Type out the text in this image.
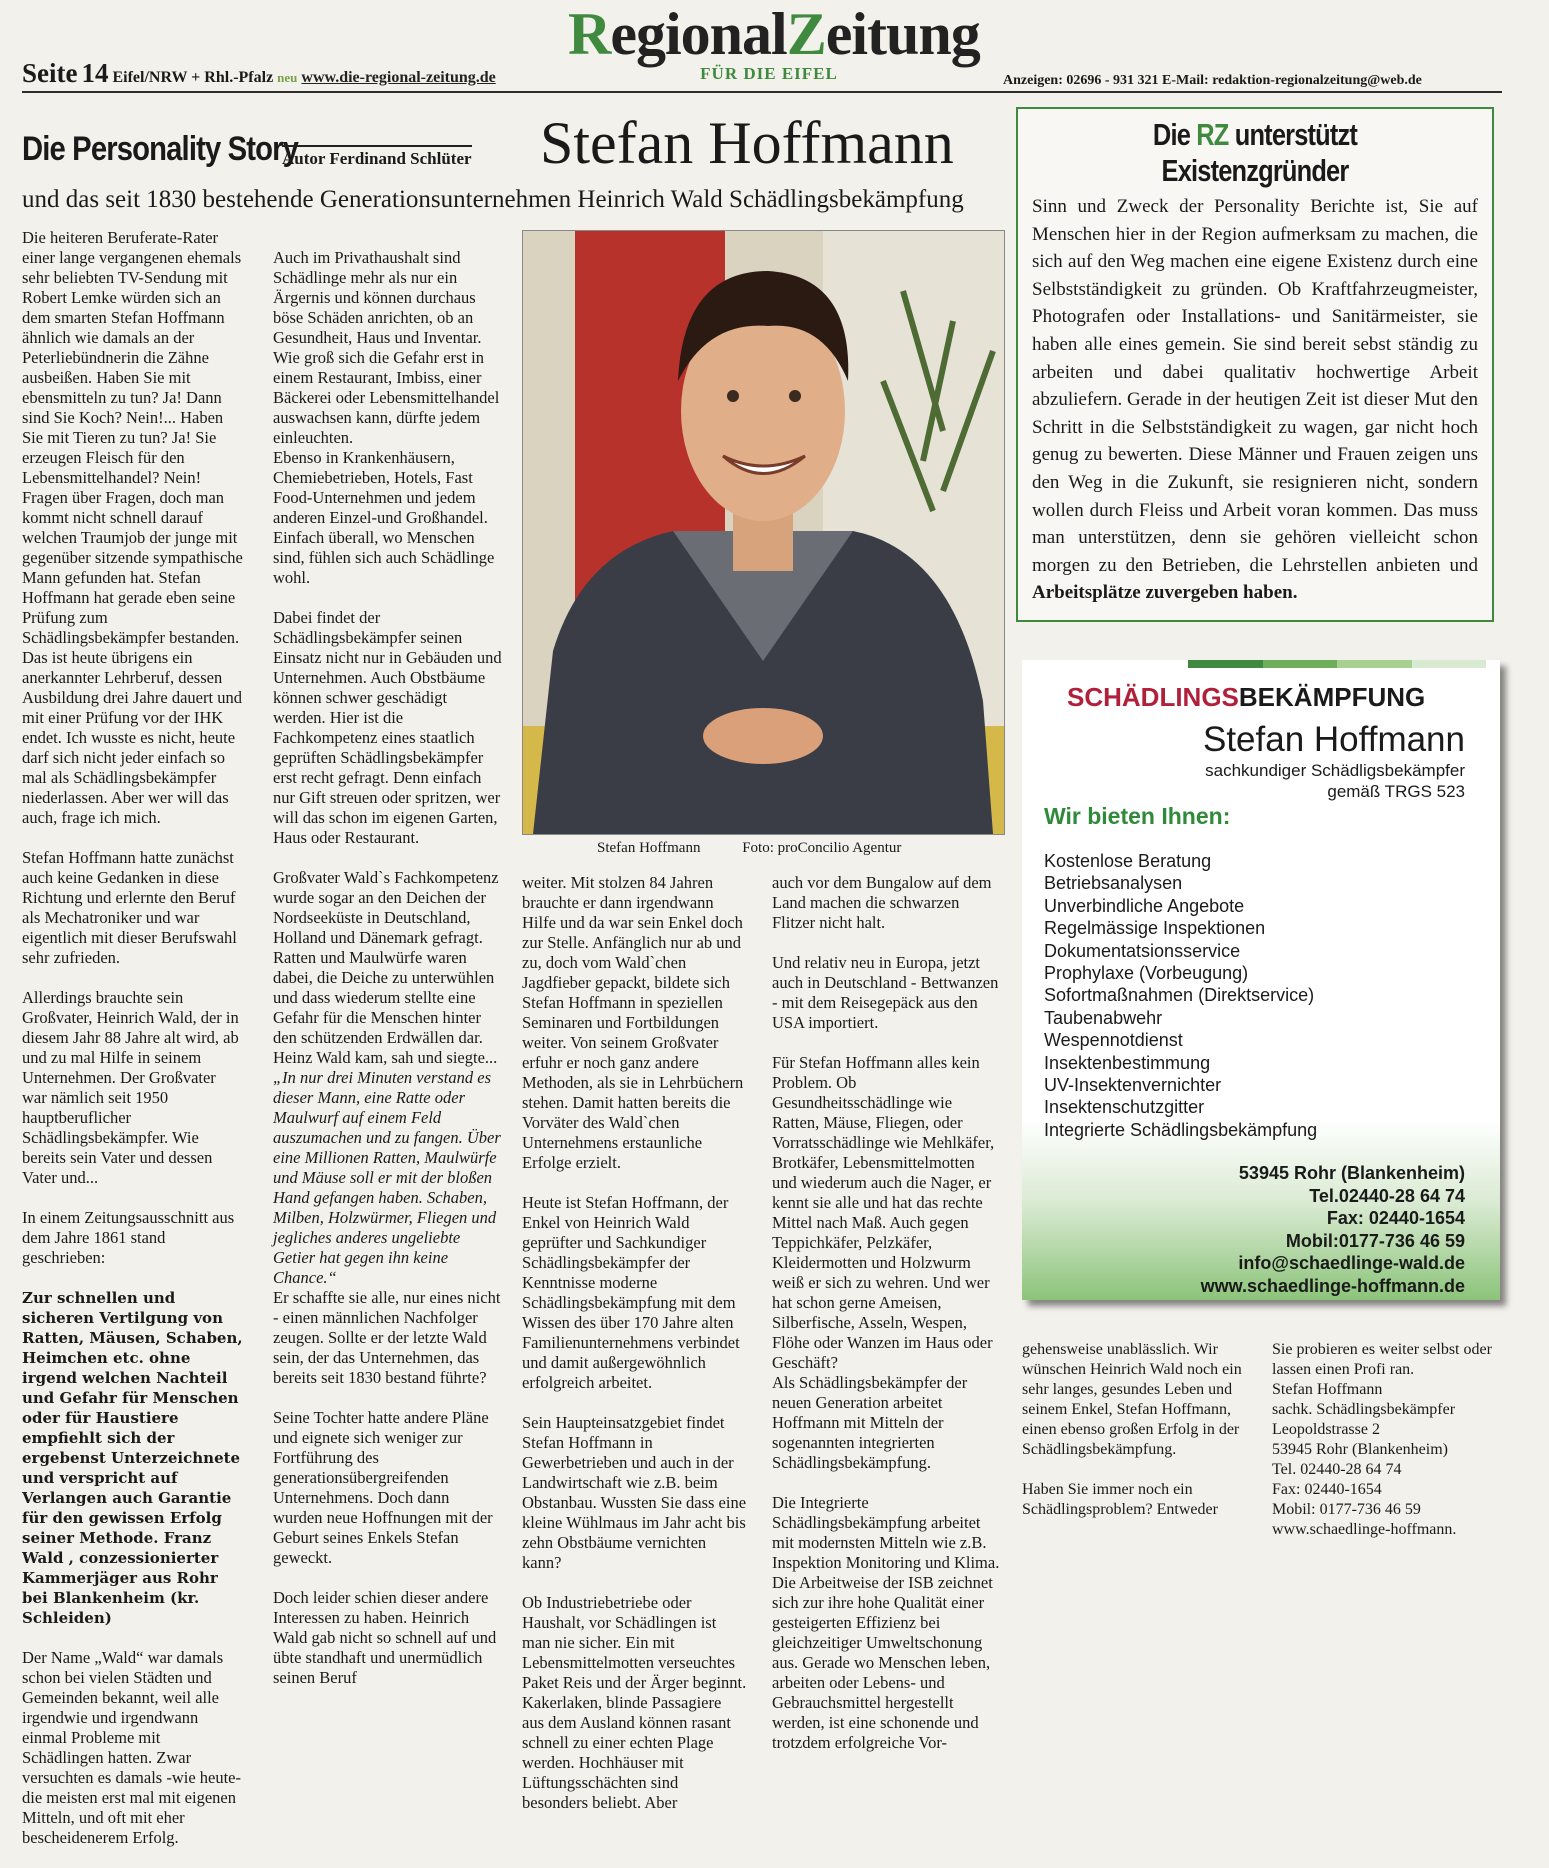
Seite 14 Eifel/NRW + Rhl.-Pfalz neu www.die-regional-zeitung.de
RegionalZeitung
FÜR DIE EIFEL	Anzeigen: 02696 - 931 321 E-Mail: redaktion-regionalzeitung@web.de
Die Personality Story
Autor Ferdinand Schlüter Stefan Hoffmann
und das seit 1830 bestehende Generationsunternehmen Heinrich Wald Schädlingsbekämpfung

Die heiteren Beruferate-Rater einer lange vergangenen ehemals sehr beliebten TV-Sendung mit Robert Lemke würden sich an dem smarten Stefan Hoffmann ähnlich wie damals an der Peterliebündnerin die Zähne ausbeißen. Haben Sie mit ebensmitteln zu tun? Ja! Dann sind Sie Koch? Nein!... Haben Sie mit Tieren zu tun? Ja! Sie erzeugen Fleisch für den Lebensmittelhandel? Nein! Fragen über Fragen, doch man kommt nicht schnell darauf welchen Traumjob der junge mit gegenüber sitzende sympathische Mann gefunden hat. Stefan Hoffmann hat gerade eben seine Prüfung zum Schädlingsbekämpfer bestanden.

Das ist heute übrigens ein anerkannter Lehrberuf, dessen Ausbildung drei Jahre dauert und mit einer Prüfung vor der IHK endet. Ich wusste es nicht, heute darf sich nicht jeder einfach so mal als Schädlingsbekämpfer niederlassen. Aber wer will das auch, frage ich mich.

Stefan Hoffmann hatte zunächst auch keine Gedanken in diese Richtung und erlernte den Beruf als Mechatroniker und war eigentlich mit dieser Berufswahl sehr zufrieden.

Allerdings brauchte sein Großvater, Heinrich Wald, der in diesem Jahr 88 Jahre alt wird, ab und zu mal Hilfe in seinem Unternehmen. Der Großvater war nämlich seit 1950 hauptberuflicher Schädlingsbekämpfer. Wie bereits sein Vater und dessen Vater und...

In einem Zeitungsausschnitt aus dem Jahre 1861 stand geschrieben:

Zur schnellen und sicheren Vertilgung von Ratten, Mäusen, Schaben, Heimchen etc. ohne irgend welchen Nachteil und Gefahr für Menschen oder für Haustiere empfiehlt sich der ergebenst Unterzeichnete und verspricht auf Verlangen auch Garantie für den gewissen Erfolg seiner Methode. Franz Wald , conzessionierter Kammerjäger aus Rohr bei Blankenheim (kr. Schleiden)

Der Name „Wald“ war damals schon bei vielen Städten und Gemeinden bekannt, weil alle irgendwie und irgendwann einmal Probleme mit Schädlingen hatten. Zwar versuchten es damals -wie heute- die meisten erst mal mit eigenen Mitteln, und oft mit eher bescheidenerem Erfolg.

Auch im Privathaushalt sind Schädlinge mehr als nur ein Ärgernis und können durchaus böse Schäden anrichten, ob an Gesundheit, Haus und Inventar.

Wie groß sich die Gefahr erst in einem Restaurant, Imbiss, einer Bäckerei oder Lebensmittelhandel auswachsen kann, dürfte jedem einleuchten.

Ebenso in Krankenhäusern, Chemiebetrieben, Hotels, Fast Food-Unternehmen und jedem anderen Einzel-und Großhandel. Einfach überall, wo Menschen sind, fühlen sich auch Schädlinge wohl.

Dabei findet der Schädlingsbekämpfer seinen Einsatz nicht nur in Gebäuden und Unternehmen. Auch Obstbäume können schwer geschädigt werden. Hier ist die Fachkompetenz eines staatlich geprüften Schädlingsbekämpfer erst recht gefragt. Denn einfach nur Gift streuen oder spritzen, wer will das schon im eigenen Garten, Haus oder Restaurant.

Großvater Wald`s Fachkompetenz wurde sogar an den Deichen der Nordseeküste in Deutschland, Holland und Dänemark gefragt. Ratten und Maulwürfe waren dabei, die Deiche zu unterwühlen und dass wiederum stellte eine Gefahr für die Menschen hinter den schützenden Erdwällen dar. Heinz Wald kam, sah und siegte...

„In nur drei Minuten verstand es dieser Mann, eine Ratte oder Maulwurf auf einem Feld auszumachen und zu fangen. Über eine Millionen Ratten, Maulwürfe und Mäuse soll er mit der bloßen Hand gefangen haben. Schaben, Milben, Holzwürmer, Fliegen und jegliches anderes ungeliebte Getier hat gegen ihn keine Chance.“

Er schaffte sie alle, nur eines nicht - einen männlichen Nachfolger zeugen. Sollte er der letzte Wald sein, der das Unternehmen, das bereits seit 1830 bestand führte?

Seine Tochter hatte andere Pläne und eignete sich weniger zur Fortführung des generationsübergreifenden Unternehmens. Doch dann wurden neue Hoffnungen mit der Geburt seines Enkels Stefan geweckt.

Doch leider schien dieser andere Interessen zu haben. Heinrich Wald gab nicht so schnell auf und übte standhaft und unermüdlich seinen Beruf

Stefan Hoffmann	Foto: proConcilio Agentur

weiter. Mit stolzen 84 Jahren brauchte er dann irgendwann Hilfe und da war sein Enkel doch zur Stelle. Anfänglich nur ab und zu, doch vom Wald`chen Jagdfieber gepackt, bildete sich Stefan Hoffmann in speziellen Seminaren und Fortbildungen weiter. Von seinem Großvater erfuhr er noch ganz andere Methoden, als sie in Lehrbüchern stehen. Damit hatten bereits die Vorväter des Wald`chen Unternehmens erstaunliche Erfolge erzielt.

Heute ist Stefan Hoffmann, der Enkel von Heinrich Wald geprüfter und Sachkundiger Schädlingsbekämpfer der Kenntnisse moderne Schädlingsbekämpfung mit dem Wissen des über 170 Jahre alten Familienunternehmens verbindet und damit außergewöhnlich erfolgreich arbeitet.

Sein Haupteinsatzgebiet findet Stefan Hoffmann in Gewerbetrieben und auch in der Landwirtschaft wie z.B. beim Obstanbau. Wussten Sie dass eine kleine Wühlmaus im Jahr acht bis zehn Obstbäume vernichten kann?

Ob Industriebetriebe oder Haushalt, vor Schädlingen ist man nie sicher. Ein mit Lebensmittelmotten verseuchtes Paket Reis und der Ärger beginnt. Kakerlaken, blinde Passagiere aus dem Ausland können rasant schnell zu einer echten Plage werden. Hochhäuser mit Lüftungsschächten sind besonders beliebt. Aber

auch vor dem Bungalow auf dem Land machen die schwarzen Flitzer nicht halt.

Und relativ neu in Europa, jetzt auch in Deutschland - Bettwanzen - mit dem Reisegepäck aus den USA importiert.

Für Stefan Hoffmann alles kein Problem. Ob Gesundheitsschädlinge wie Ratten, Mäuse, Fliegen, oder Vorratsschädlinge wie Mehlkäfer, Brotkäfer, Lebensmittelmotten und wiederum auch die Nager, er kennt sie alle und hat das rechte Mittel nach Maß. Auch gegen Teppichkäfer, Pelzkäfer, Kleidermotten und Holzwurm weiß er sich zu wehren. Und wer hat schon gerne Ameisen, Silberfische, Asseln, Wespen, Flöhe oder Wanzen im Haus oder Geschäft?

Als Schädlingsbekämpfer der neuen Generation arbeitet Hoffmann mit Mitteln der sogenannten integrierten Schädlingsbekämpfung.

Die Integrierte Schädlingsbekämpfung arbeitet mit modernsten Mitteln wie z.B. Inspektion Monitoring und Klima. Die Arbeitweise der ISB zeichnet sich zur ihre hohe Qualität einer gesteigerten Effizienz bei gleichzeitiger Umweltschonung aus. Gerade wo Menschen leben, arbeiten oder Lebens- und Gebrauchsmittel hergestellt werden, ist eine schonende und trotzdem erfolgreiche Vor-

Die RZ unterstützt Existenzgründer
Sinn und Zweck der Personality Berichte ist, Sie auf Menschen hier in der Region aufmerksam zu machen, die sich auf den Weg machen eine eigene Existenz durch eine Selbstständigkeit zu gründen. Ob Kraftfahrzeugmeister, Photografen oder Installations- und Sanitärmeister, sie haben alle eines gemein. Sie sind bereit sebst ständig zu arbeiten und dabei qualitativ hochwertige Arbeit abzuliefern. Gerade in der heutigen Zeit ist dieser Mut den Schritt in die Selbstständigkeit zu wagen, gar nicht hoch genug zu bewerten. Diese Männer und Frauen zeigen uns den Weg in die Zukunft, sie resignieren nicht, sondern wollen durch Fleiss und Arbeit voran kommen. Das muss man unterstützen, denn sie gehören vielleicht schon morgen zu den Betrieben, die Lehrstellen anbieten und Arbeitsplätze zuvergeben haben.
SCHÄDLINGSBEKÄMPFUNG
Stefan Hoffmann
sachkundiger Schädligsbekämpfer
gemäß TRGS 523
Wir bieten Ihnen:
Kostenlose Beratung
Betriebsanalysen
Unverbindliche Angebote
Regelmässige Inspektionen
Dokumentatsionsservice
Prophylaxe (Vorbeugung)
Sofortmaßnahmen (Direktservice)
Taubenabwehr
Wespennotdienst
Insektenbestimmung
UV-Insektenvernichter
Insektenschutzgitter
Integrierte Schädlingsbekämpfung
53945 Rohr (Blankenheim)
Tel.02440-28 64 74
Fax: 02440-1654
Mobil:0177-736 46 59
info@schaedlinge-wald.de
www.schaedlinge-hoffmann.de

gehensweise unablässlich. Wir wünschen Heinrich Wald noch ein sehr langes, gesundes Leben und seinem Enkel, Stefan Hoffmann, einen ebenso großen Erfolg in der Schädlingsbekämpfung.

Haben Sie immer noch ein Schädlingsproblem? Entweder

Sie probieren es weiter selbst oder lassen einen Profi ran.

Stefan Hoffmann
sachk. Schädlingsbekämpfer
Leopoldstrasse 2
53945 Rohr (Blankenheim)
Tel. 02440-28 64 74
Fax: 02440-1654
Mobil: 0177-736 46 59
www.schaedlinge-hoffmann.
